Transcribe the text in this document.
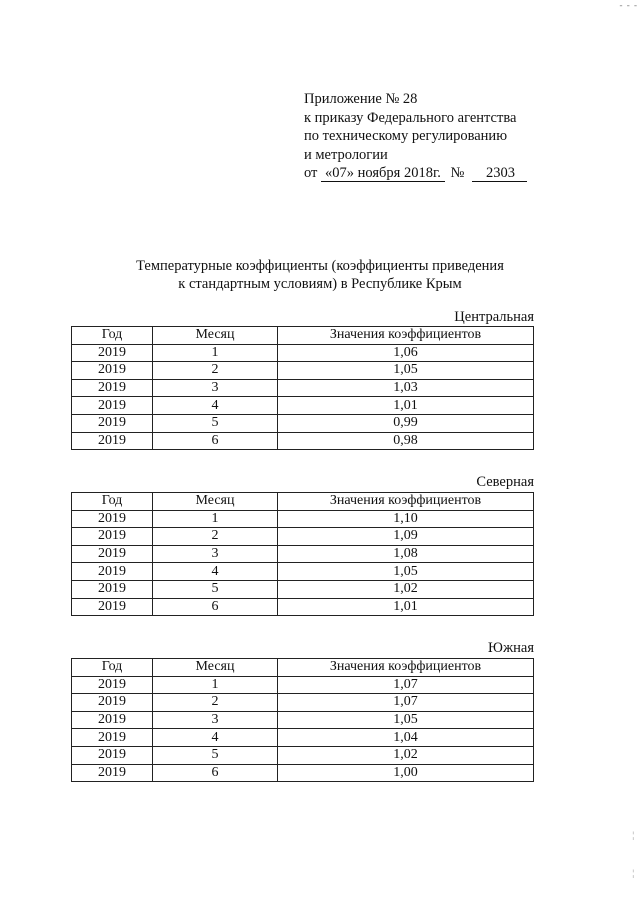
- - -
Приложение № 28
к приказу Федерального агентства
по техническому регулированию
и метрологии
от «07» ноября 2018г. № 2303
Температурные коэффициенты (коэффициенты приведения
к стандартным условиям) в Республике Крым
Центральная
Год	Месяц	Значения коэффициентов
2019	1	1,06
2019	2	1,05
2019	3	1,03
2019	4	1,01
2019	5	0,99
2019	6	0,98
Северная
Год	Месяц	Значения коэффициентов
2019	1	1,10
2019	2	1,09
2019	3	1,08
2019	4	1,05
2019	5	1,02
2019	6	1,01
Южная
Год	Месяц	Значения коэффициентов
2019	1	1,07
2019	2	1,07
2019	3	1,05
2019	4	1,04
2019	5	1,02
2019	6	1,00
¦
¦
